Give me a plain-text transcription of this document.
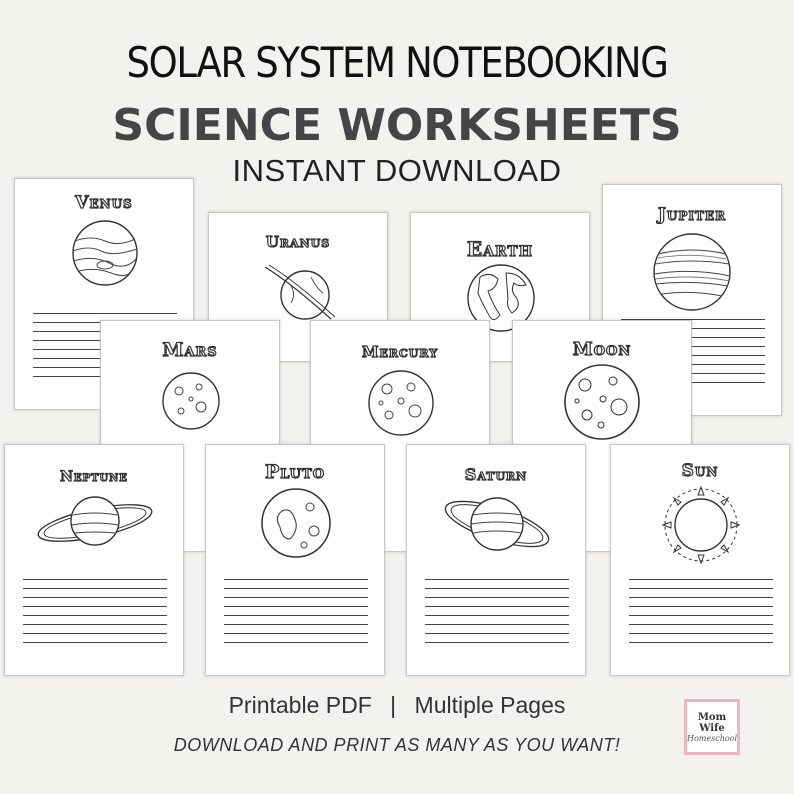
SOLAR SYSTEM NOTEBOOKING
SCIENCE WORKSHEETS
INSTANT DOWNLOAD
Venus
Uranus	Earth
Jupiter
Mars	Mercury	Moon
Neptune	Pluto	Saturn	Sun
Printable PDF | Multiple Pages
DOWNLOAD AND PRINT AS MANY AS YOU WANT!
Mom
Wife
Homeschool
